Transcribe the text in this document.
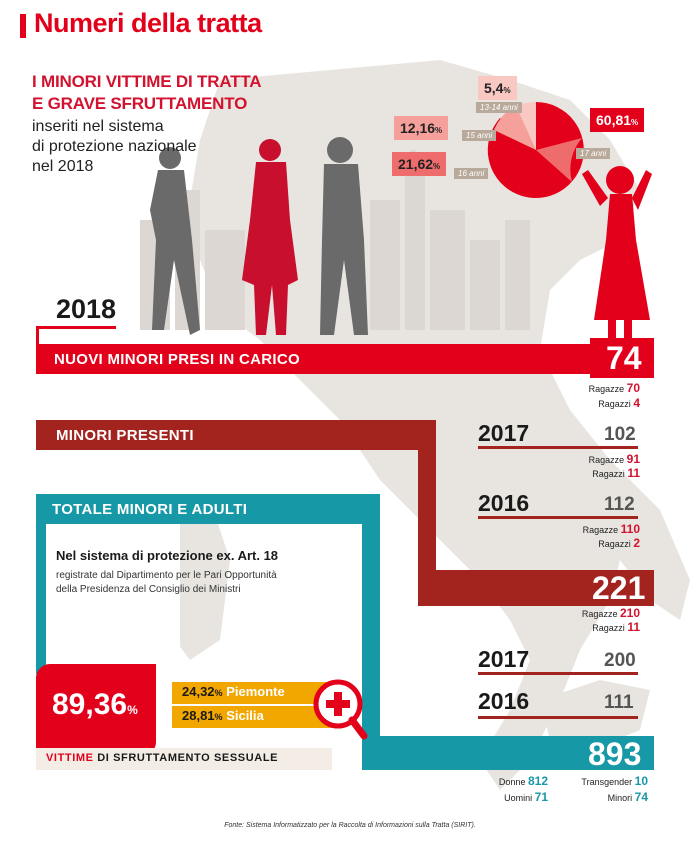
Numeri della tratta
I MINORI VITTIME DI TRATTA
E GRAVE SFRUTTAMENTO
inseriti nel sistema
di protezione nazionale
nel 2018
60,81%
17 anni
21,62%
16 anni
12,16%
15 anni
5,4%
13-14 anni
2018
NUOVI MINORI PRESI IN CARICO	74
Ragazze 70
Ragazzi 4
MINORI PRESENTI
221
2017	102
Ragazze 91
Ragazzi 11
2016	112
Ragazze 110
Ragazzi 2
Ragazze 210
Ragazzi 11
2017	200
2016	111
TOTALE MINORI E ADULTI
893
Donne 812
Uomini 71
Transgender 10
Minori 74
Nel sistema di protezione ex. Art. 18
registrate dal Dipartimento per le Pari Opportunità
della Presidenza del Consiglio dei Ministri
89,36%
24,32% Piemonte
28,81% Sicilia
VITTIME DI SFRUTTAMENTO SESSUALE
Fonte: Sistema Informatizzato per la Raccolta di Informazioni sulla Tratta (SIRIT).
